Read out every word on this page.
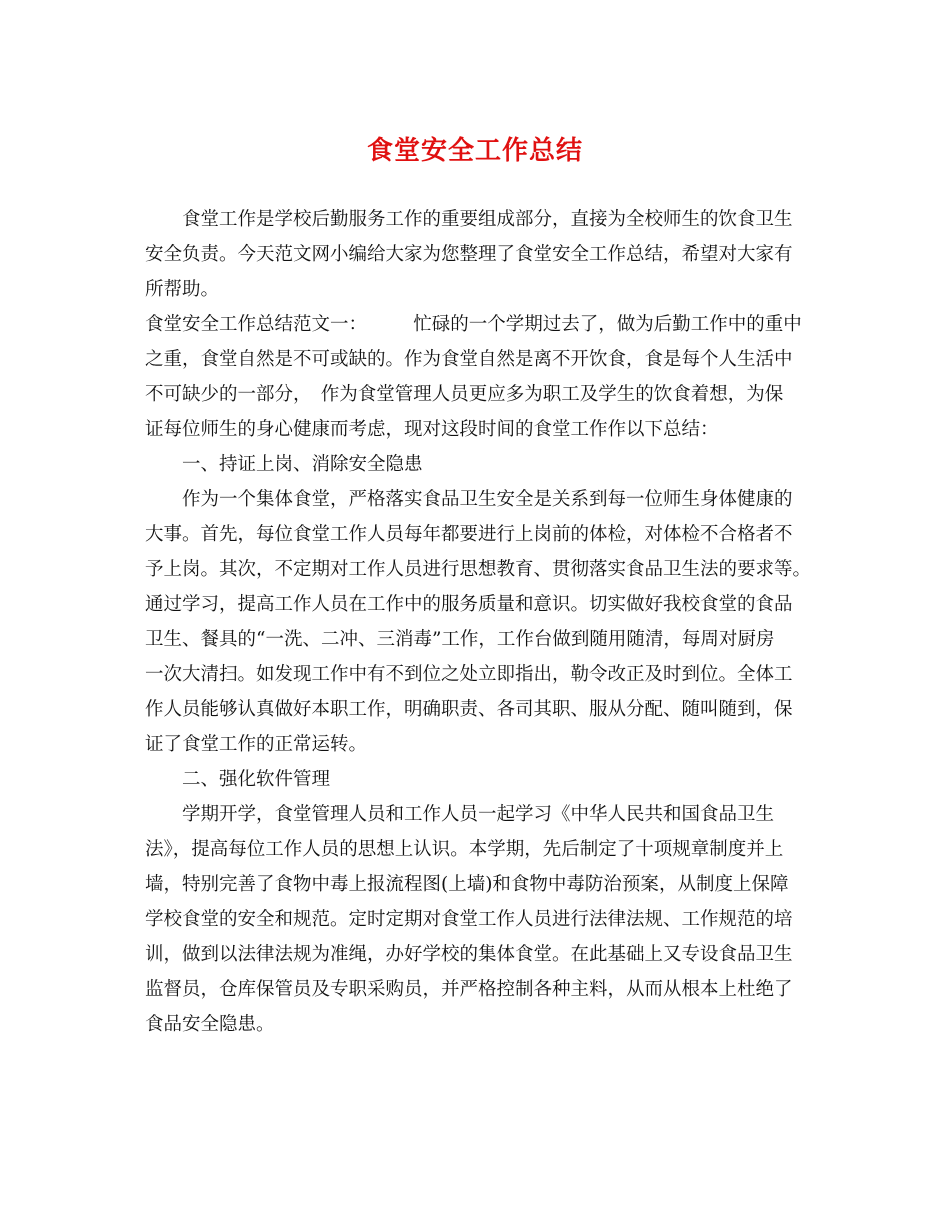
食堂安全工作总结
　　食堂工作是学校后勤服务工作的重要组成部分，直接为全校师生的饮食卫生
安全负责。今天范文网小编给大家为您整理了食堂安全工作总结，希望对大家有
所帮助。
食堂安全工作总结范文一：　　　忙碌的一个学期过去了，做为后勤工作中的重中
之重，食堂自然是不可或缺的。作为食堂自然是离不开饮食，食是每个人生活中
不可缺少的一部分，　作为食堂管理人员更应多为职工及学生的饮食着想，为保
证每位师生的身心健康而考虑，现对这段时间的食堂工作作以下总结：
　　一、持证上岗、消除安全隐患
　　作为一个集体食堂，严格落实食品卫生安全是关系到每一位师生身体健康的
大事。首先，每位食堂工作人员每年都要进行上岗前的体检，对体检不合格者不
予上岗。其次，不定期对工作人员进行思想教育、贯彻落实食品卫生法的要求等。
通过学习，提高工作人员在工作中的服务质量和意识。切实做好我校食堂的食品
卫生、餐具的“一洗、二冲、三消毒”工作，工作台做到随用随清，每周对厨房
一次大清扫。如发现工作中有不到位之处立即指出，勒令改正及时到位。全体工
作人员能够认真做好本职工作，明确职责、各司其职、服从分配、随叫随到，保
证了食堂工作的正常运转。
　　二、强化软件管理
　　学期开学，食堂管理人员和工作人员一起学习《中华人民共和国食品卫生
法》，提高每位工作人员的思想上认识。本学期，先后制定了十项规章制度并上
墙，特别完善了食物中毒上报流程图(上墙)和食物中毒防治预案，从制度上保障
学校食堂的安全和规范。定时定期对食堂工作人员进行法律法规、工作规范的培
训，做到以法律法规为准绳，办好学校的集体食堂。在此基础上又专设食品卫生
监督员，仓库保管员及专职采购员，并严格控制各种主料，从而从根本上杜绝了
食品安全隐患。
